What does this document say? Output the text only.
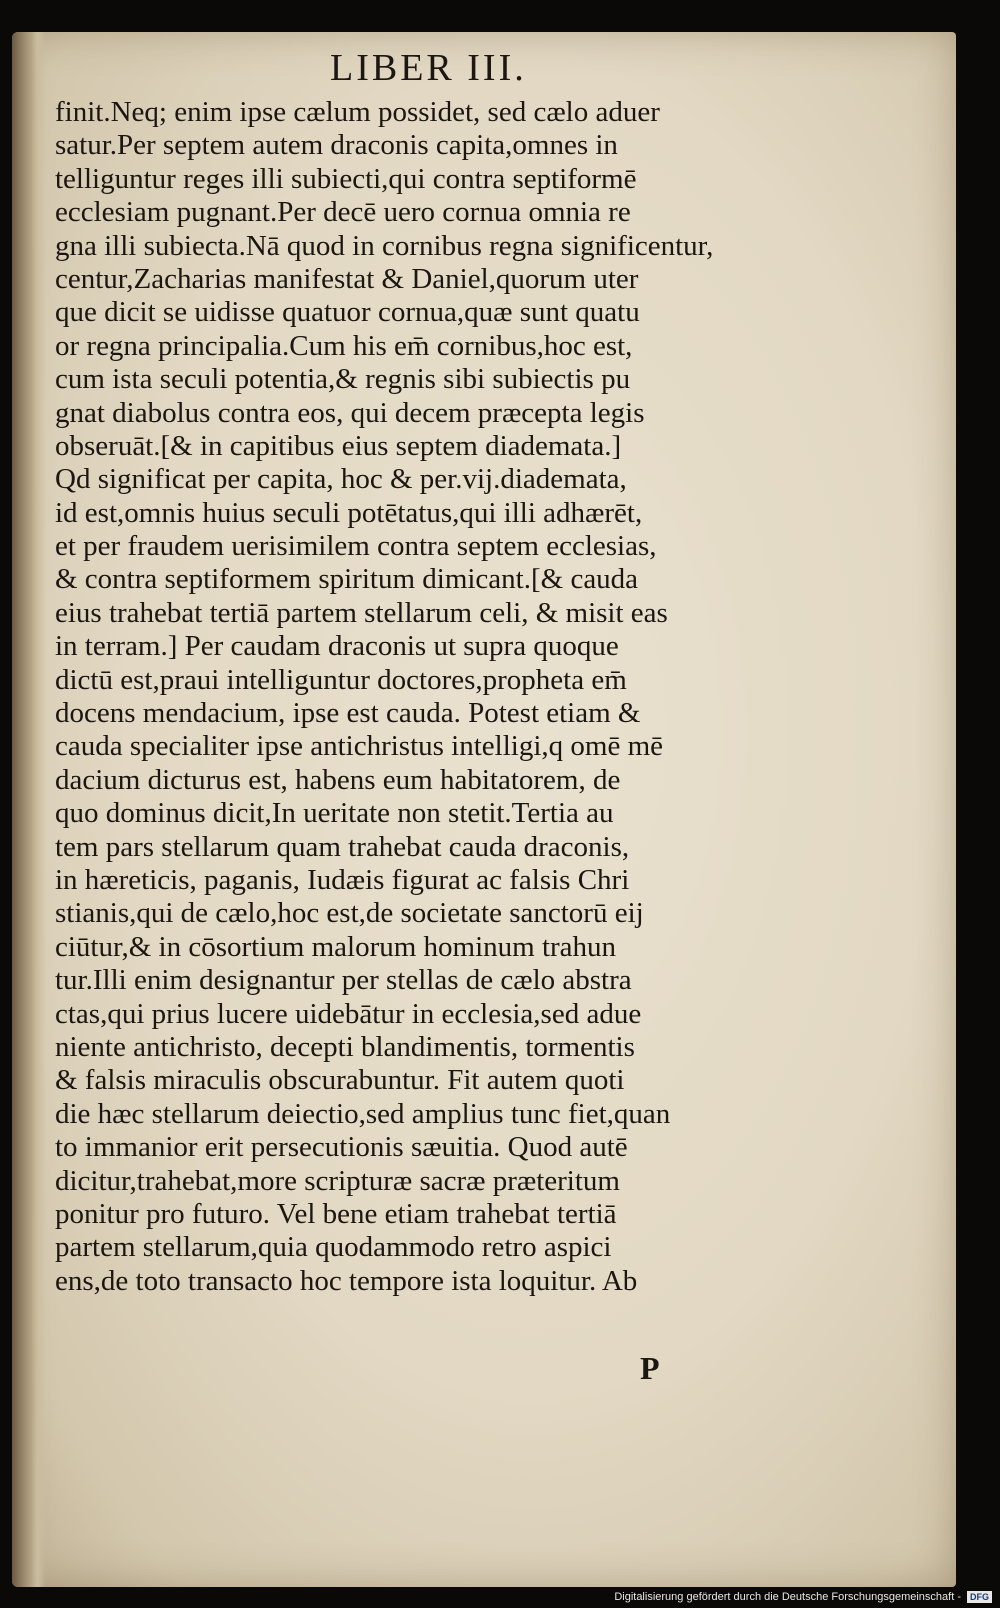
LIBER III.
finit.Neq; enim ipse cælum possidet, sed cælo aduer
satur.Per septem autem draconis capita,omnes in
telliguntur reges illi subiecti,qui contra septiformē
ecclesiam pugnant.Per decē uero cornua omnia re
gna illi subiecta.Nā quod in cornibus regna significentur,
centur,Zacharias manifestat & Daniel,quorum uter
que dicit se uidisse quatuor cornua,quæ sunt quatu
or regna principalia.Cum his em̄ cornibus,hoc est,
cum ista seculi potentia,& regnis sibi subiectis pu
gnat diabolus contra eos, qui decem præcepta legis
obseruāt.[& in capitibus eius septem diademata.]
Qd significat per capita, hoc & per.vij.diademata,
id est,omnis huius seculi potētatus,qui illi adhærēt,
et per fraudem uerisimilem contra septem ecclesias,
& contra septiformem spiritum dimicant.[& cauda
eius trahebat tertiā partem stellarum celi, & misit eas
in terram.] Per caudam draconis ut supra quoque
dictū est,praui intelliguntur doctores,propheta em̄
docens mendacium, ipse est cauda. Potest etiam &
cauda specialiter ipse antichristus intelligi,q omē mē
dacium dicturus est, habens eum habitatorem, de
quo dominus dicit,In ueritate non stetit.Tertia au
tem pars stellarum quam trahebat cauda draconis,
in hæreticis, paganis, Iudæis figurat ac falsis Chri
stianis,qui de cælo,hoc est,de societate sanctorū eij
ciūtur,& in cōsortium malorum hominum trahun
tur.Illi enim designantur per stellas de cælo abstra
ctas,qui prius lucere uidebātur in ecclesia,sed adue
niente antichristo, decepti blandimentis, tormentis
& falsis miraculis obscurabuntur. Fit autem quoti
die hæc stellarum deiectio,sed amplius tunc fiet,quan
to immanior erit persecutionis sæuitia. Quod autē
dicitur,trahebat,more scripturæ sacræ præteritum
ponitur pro futuro. Vel bene etiam trahebat tertiā
partem stellarum,quia quodammodo retro aspici
ens,de toto transacto hoc tempore ista loquitur. Ab
P
Digitalisierung gefördert durch die Deutsche Forschungsgemeinschaft -	DFG
